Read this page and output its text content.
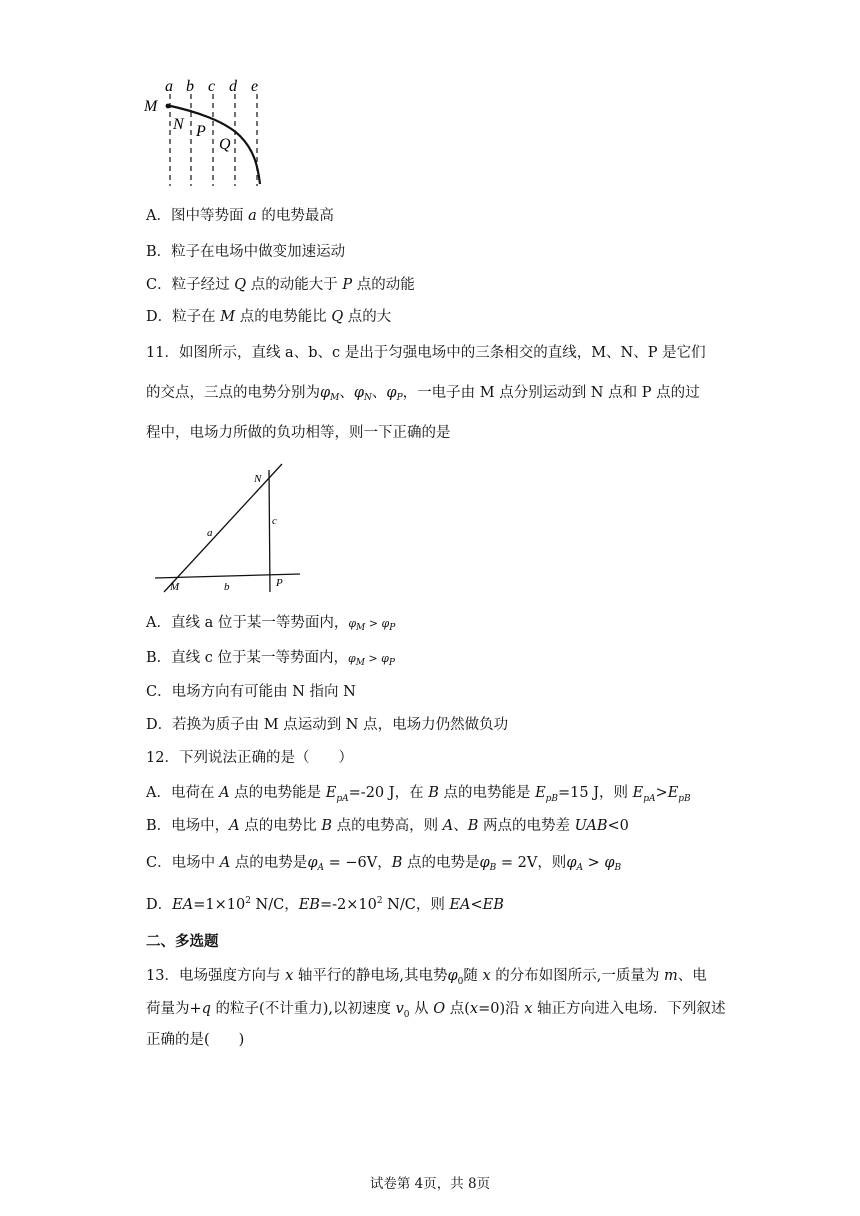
a b c d e
M
N P
Q
A．图中等势面 a 的电势最高
B．粒子在电场中做变加速运动
C．粒子经过 Q 点的动能大于 P 点的动能
D．粒子在 M 点的电势能比 Q 点的大
11．如图所示，直线 a、b、c 是出于匀强电场中的三条相交的直线，M、N、P 是它们
的交点，三点的电势分别为$\varphi_M$、$\varphi_N$、$\varphi_P$，一电子由 M 点分别运动到 N 点和 P 点的过
程中，电场力所做的负功相等，则一下正确的是
N
M	P
a
b
c
A．直线 a 位于某一等势面内，$\varphi_M > \varphi_P$
B．直线 c 位于某一等势面内，$\varphi_M > \varphi_P$
C．电场方向有可能由 N 指向 N
D．若换为质子由 M 点运动到 N 点，电场力仍然做负功
12．下列说法正确的是（　　）
A．电荷在 A 点的电势能是 $E_{pA}=-20$ J，在 B 点的电势能是 $E_{pB}=15$ J，则 $E_{pA}>E_{pB}$
B．电场中，A 点的电势比 B 点的电势高，则 A、B 两点的电势差 UAB<0
C．电场中 A 点的电势是$\varphi_A = -6V$，B 点的电势是$\varphi_B = 2V$，则$\varphi_A > \varphi_B$
D．$EA=1\times 10^2$ N/C，$EB=-2\times 10^2$ N/C，则 EA<EB
二、多选题
13．电场强度方向与 x 轴平行的静电场,其电势$\varphi_0$随 x 的分布如图所示,一质量为 m、电
荷量为+q 的粒子(不计重力),以初速度 $v_0$ 从 O 点(x=0)沿 x 轴正方向进入电场．下列叙述
正确的是(　　)
试卷第 4页，共 8页
